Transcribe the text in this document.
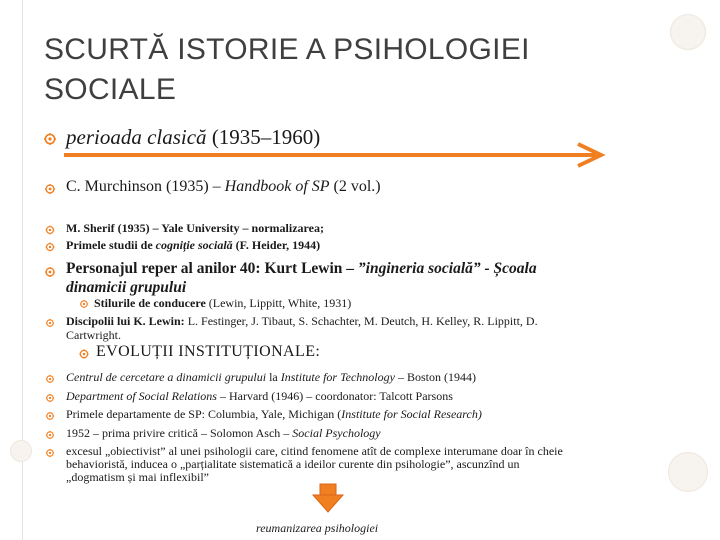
SCURTĂ ISTORIE A PSIHOLOGIEI
SOCIALE
perioada clasică (1935–1960)
C. Murchinson (1935) – Handbook of SP (2 vol.)
M. Sherif (1935) – Yale University – normalizarea;
Primele studii de cogniție socială (F. Heider, 1944)
Personajul reper al anilor 40: Kurt Lewin – ”ingineria socială” - Școala
dinamicii grupului
Stilurile de conducere (Lewin, Lippitt, White, 1931)
Discipolii lui K. Lewin: L. Festinger, J. Tibaut, S. Schachter, M. Deutch, H. Kelley, R. Lippitt, D.
Cartwright.
EVOLUȚII INSTITUȚIONALE:
Centrul de cercetare a dinamicii grupului la Institute for Technology – Boston (1944)
Department of Social Relations – Harvard (1946) – coordonator: Talcott Parsons
Primele departamente de SP: Columbia, Yale, Michigan (Institute for Social Research)
1952 – prima privire critică – Solomon Asch – Social Psychology
excesul „obiectivist” al unei psihologii care, citind fenomene atît de complexe interumane doar în cheie
behavioristă, inducea o „parțialitate sistematică a ideilor curente din psihologie”, ascunzînd un
„dogmatism și mai inflexibil”
reumanizarea psihologiei
